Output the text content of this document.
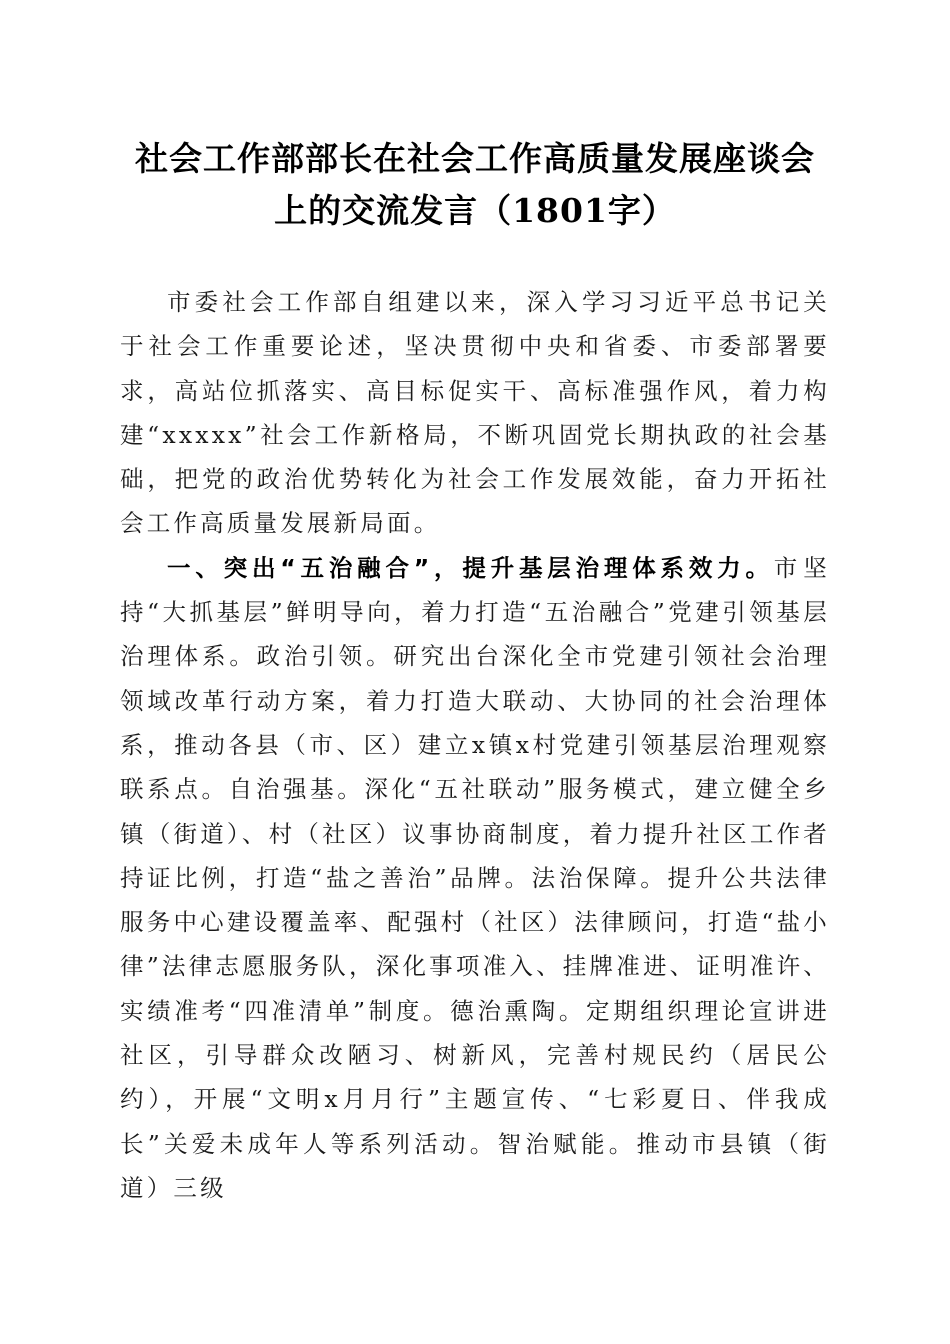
社会工作部部长在社会工作高质量发展座谈会
上的交流发言（1801字）

市委社会工作部自组建以来，深入学习习近平总书记关于社会工作重要论述，坚决贯彻中央和省委、市委部署要求，高站位抓落实、高目标促实干、高标准强作风，着力构建“xxxxx”社会工作新格局，不断巩固党长期执政的社会基础，把党的政治优势转化为社会工作发展效能，奋力开拓社会工作高质量发展新局面。

一、突出“五治融合”，提升基层治理体系效力。市坚持“大抓基层”鲜明导向，着力打造“五治融合”党建引领基层治理体系。政治引领。研究出台深化全市党建引领社会治理领域改革行动方案，着力打造大联动、大协同的社会治理体系，推动各县（市、区）建立x镇x村党建引领基层治理观察联系点。自治强基。深化“五社联动”服务模式，建立健全乡镇（街道）、村（社区）议事协商制度，着力提升社区工作者持证比例，打造“盐之善治”品牌。法治保障。提升公共法律服务中心建设覆盖率、配强村（社区）法律顾问，打造“盐小律”法律志愿服务队，深化事项准入、挂牌准进、证明准许、实绩准考“四准清单”制度。德治熏陶。定期组织理论宣讲进社区，引导群众改陋习、树新风，完善村规民约（居民公约），开展“文明x月月行”主题宣传、“七彩夏日、伴我成长”关爱未成年人等系列活动。智治赋能。推动市县镇（街道）三级
